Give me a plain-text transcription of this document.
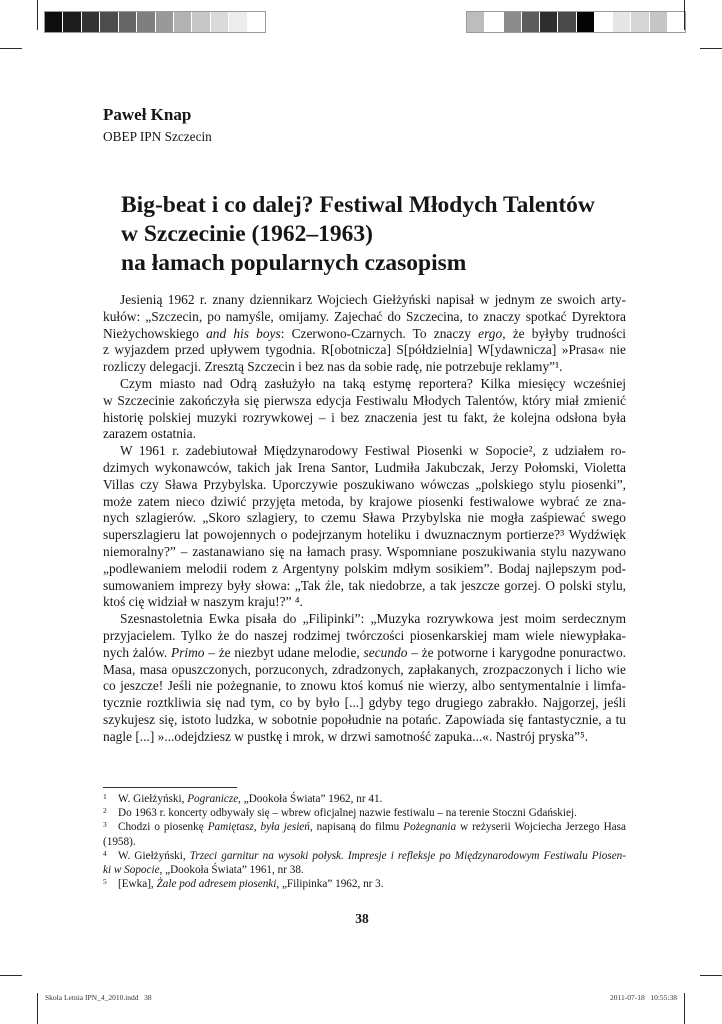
Paweł Knap
OBEP IPN Szczecin
Big-beat i co dalej? Festiwal Młodych Talentów
w Szczecinie (1962–1963)
na łamach popularnych czasopism
Jesienią 1962 r. znany dziennikarz Wojciech Giełżyński napisał w jednym ze swoich arty-
kułów: „Szczecin, po namyśle, omijamy. Zajechać do Szczecina, to znaczy spotkać Dyrektora
Nieżychowskiego and his boys: Czerwono-Czarnych. To znaczy ergo, że byłyby trudności
z wyjazdem przed upływem tygodnia. R[obotnicza] S[półdzielnia] W[ydawnicza] »Prasa« nie
rozliczy delegacji. Zresztą Szczecin i bez nas da sobie radę, nie potrzebuje reklamy”¹.
Czym miasto nad Odrą zasłużyło na taką estymę reportera? Kilka miesięcy wcześniej
w Szczecinie zakończyła się pierwsza edycja Festiwalu Młodych Talentów, który miał zmienić
historię polskiej muzyki rozrywkowej – i bez znaczenia jest tu fakt, że kolejna odsłona była
zarazem ostatnia.
W 1961 r. zadebiutował Międzynarodowy Festiwal Piosenki w Sopocie², z udziałem ro-
dzimych wykonawców, takich jak Irena Santor, Ludmiła Jakubczak, Jerzy Połomski, Violetta
Villas czy Sława Przybylska. Uporczywie poszukiwano wówczas „polskiego stylu piosenki”,
może zatem nieco dziwić przyjęta metoda, by krajowe piosenki festiwalowe wybrać ze zna-
nych szlagierów. „Skoro szlagiery, to czemu Sława Przybylska nie mogła zaśpiewać swego
superszlagieru lat powojennych o podejrzanym hoteliku i dwuznacznym portierze?³ Wydźwięk
niemoralny?” – zastanawiano się na łamach prasy. Wspomniane poszukiwania stylu nazywano
„podlewaniem melodii rodem z Argentyny polskim mdłym sosikiem”. Bodaj najlepszym pod-
sumowaniem imprezy były słowa: „Tak źle, tak niedobrze, a tak jeszcze gorzej. O polski stylu,
ktoś cię widział w naszym kraju!?” ⁴.
Szesnastoletnia Ewka pisała do „Filipinki”: „Muzyka rozrywkowa jest moim serdecznym
przyjacielem. Tylko że do naszej rodzimej twórczości piosenkarskiej mam wiele niewypłaka-
nych żalów. Primo – że niezbyt udane melodie, secundo – że potworne i karygodne ponuractwo.
Masa, masa opuszczonych, porzuconych, zdradzonych, zapłakanych, zrozpaczonych i licho wie
co jeszcze! Jeśli nie pożegnanie, to znowu ktoś komuś nie wierzy, albo sentymentalnie i limfa-
tycznie roztkliwia się nad tym, co by było [...] gdyby tego drugiego zabrakło. Najgorzej, jeśli
szykujesz się, istoto ludzka, w sobotnie popołudnie na potańc. Zapowiada się fantastycznie, a tu
nagle [...] »...odejdziesz w pustkę i mrok, w drzwi samotność zapuka...«. Nastrój pryska”⁵.
1 W. Giełżyński, Pogranicze, „Dookoła Świata” 1962, nr 41.
2 Do 1963 r. koncerty odbywały się – wbrew oficjalnej nazwie festiwalu – na terenie Stoczni Gdańskiej.
3 Chodzi o piosenkę Pamiętasz, była jesień, napisaną do filmu Pożegnania w reżyserii Wojciecha Jerzego Hasa
(1958).
4 W. Giełżyński, Trzeci garnitur na wysoki połysk. Impresje i refleksje po Międzynarodowym Festiwalu Piosen-
ki w Sopocie, „Dookoła Świata” 1961, nr 38.
5 [Ewka], Żale pod adresem piosenki, „Filipinka” 1962, nr 3.
38
Skola Letnia IPN_4_2010.indd   38	2011-07-18   10:55:38
